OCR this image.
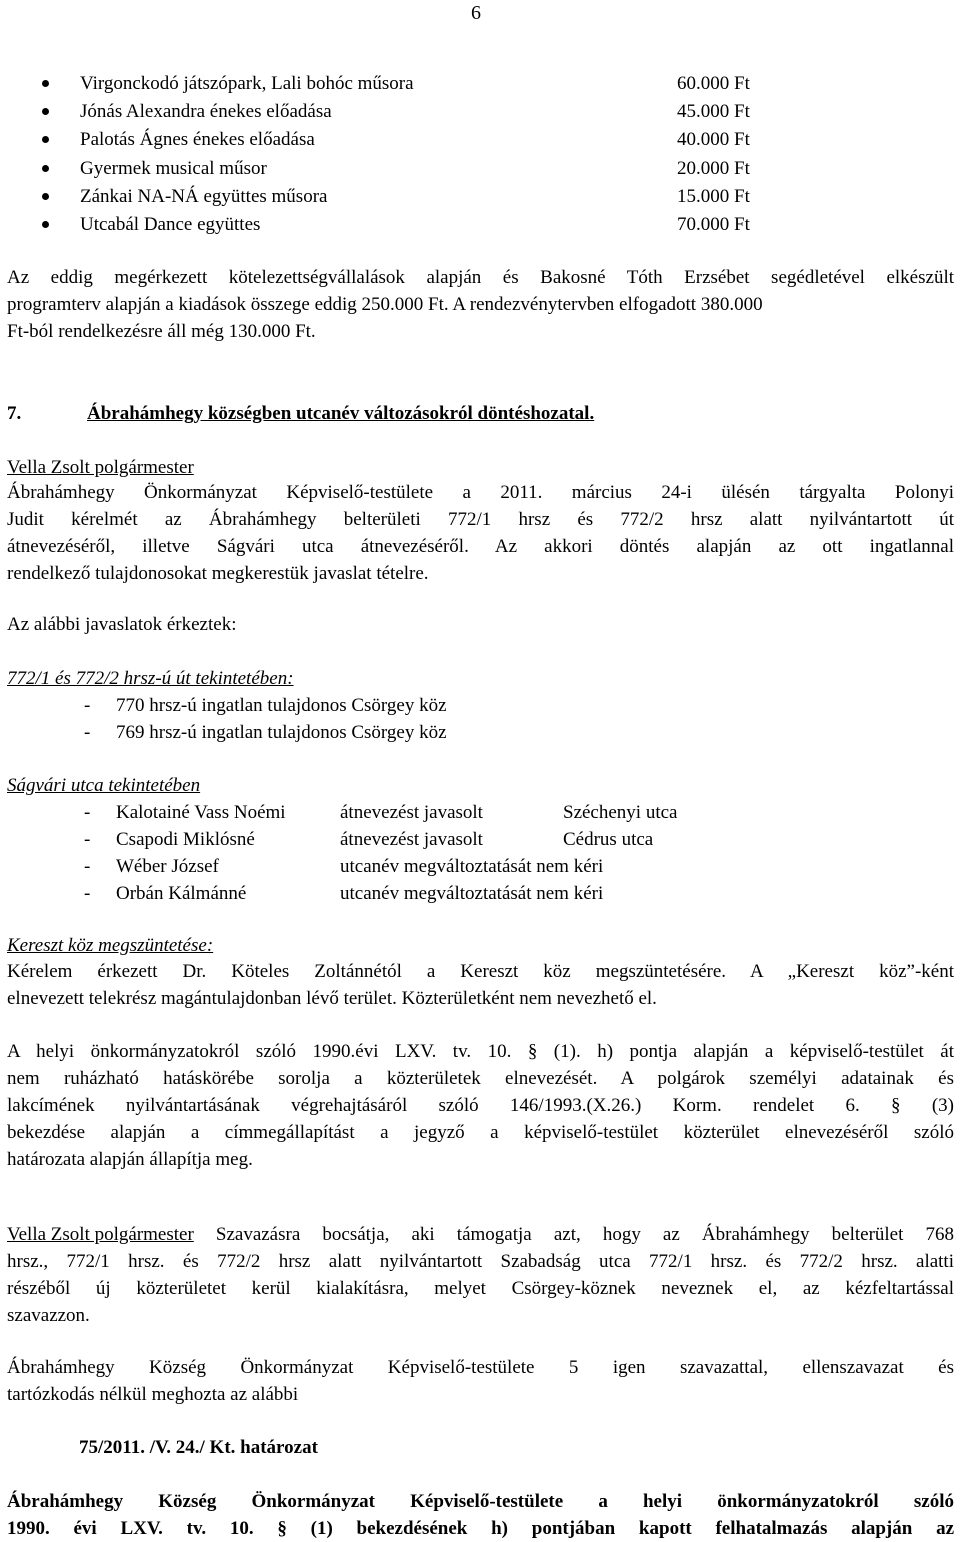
6
Virgonckodó játszópark, Lali bohóc műsora	60.000 Ft
Jónás Alexandra énekes előadása	45.000 Ft
Palotás Ágnes énekes előadása	40.000 Ft
Gyermek musical műsor	20.000 Ft
Zánkai NA-NÁ együttes műsora	15.000 Ft
Utcabál Dance együttes	70.000 Ft
Az eddig megérkezett kötelezettségvállalások alapján és Bakosné Tóth Erzsébet segédletével elkészült
programterv alapján a kiadások összege eddig 250.000 Ft. A rendezvénytervben elfogadott 380.000
Ft-ból rendelkezésre áll még 130.000 Ft.
7.	Ábrahámhegy községben utcanév változásokról döntéshozatal.
Vella Zsolt polgármester
Ábrahámhegy Önkormányzat Képviselő-testülete a 2011. március 24-i ülésén tárgyalta Polonyi
Judit kérelmét az Ábrahámhegy belterületi 772/1 hrsz és 772/2 hrsz alatt nyilvántartott út
átnevezéséről, illetve Ságvári utca átnevezéséről. Az akkori döntés alapján az ott ingatlannal
rendelkező tulajdonosokat megkerestük javaslat tételre.
Az alábbi javaslatok érkeztek:
772/1 és 772/2 hrsz-ú út tekintetében:
- 770 hrsz-ú ingatlan tulajdonos Csörgey köz
- 769 hrsz-ú ingatlan tulajdonos Csörgey köz
Ságvári utca tekintetében
- Kalotainé Vass Noémi	átnevezést javasolt	Széchenyi utca
- Csapodi Miklósné	átnevezést javasolt	Cédrus utca
- Wéber József	utcanév megváltoztatását nem kéri
- Orbán Kálmánné	utcanév megváltoztatását nem kéri
Kereszt köz megszüntetése:
Kérelem érkezett Dr. Köteles Zoltánnétól a Kereszt köz megszüntetésére. A „Kereszt köz”-ként
elnevezett telekrész magántulajdonban lévő terület. Közterületként nem nevezhető el.
A helyi önkormányzatokról szóló 1990.évi LXV. tv. 10. § (1). h) pontja alapján a képviselő-testület át
nem ruházható hatáskörébe sorolja a közterületek elnevezését. A polgárok személyi adatainak és
lakcímének nyilvántartásának végrehajtásáról szóló 146/1993.(X.26.) Korm. rendelet 6. § (3)
bekezdése alapján a címmegállapítást a jegyző a képviselő-testület közterület elnevezéséről szóló
határozata alapján állapítja meg.
Vella Zsolt polgármester Szavazásra bocsátja, aki támogatja azt, hogy az Ábrahámhegy belterület 768
hrsz., 772/1 hrsz. és 772/2 hrsz alatt nyilvántartott Szabadság utca 772/1 hrsz. és 772/2 hrsz. alatti
részéből új közterületet kerül kialakításra, melyet Csörgey-köznek neveznek el, az kézfeltartással
szavazzon.
Ábrahámhegy Község Önkormányzat Képviselő-testülete 5 igen szavazattal, ellenszavazat és
tartózkodás nélkül meghozta az alábbi
75/2011. /V. 24./ Kt. határozat
Ábrahámhegy Község Önkormányzat Képviselő-testülete a helyi önkormányzatokról szóló
1990. évi LXV. tv. 10. § (1) bekezdésének h) pontjában kapott felhatalmazás alapján az
